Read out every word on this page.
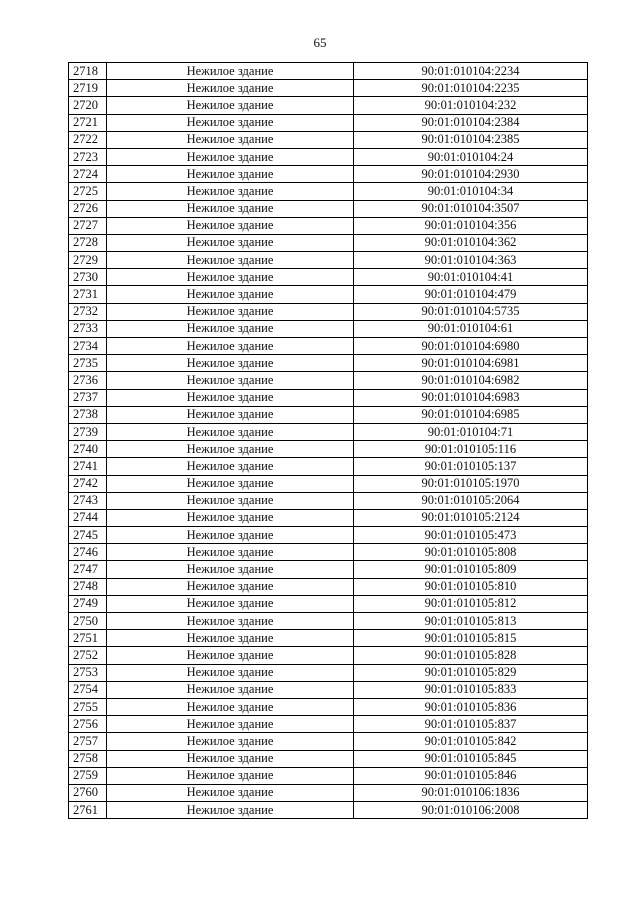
65
2718	Нежилое здание	90:01:010104:2234
2719	Нежилое здание	90:01:010104:2235
2720	Нежилое здание	90:01:010104:232
2721	Нежилое здание	90:01:010104:2384
2722	Нежилое здание	90:01:010104:2385
2723	Нежилое здание	90:01:010104:24
2724	Нежилое здание	90:01:010104:2930
2725	Нежилое здание	90:01:010104:34
2726	Нежилое здание	90:01:010104:3507
2727	Нежилое здание	90:01:010104:356
2728	Нежилое здание	90:01:010104:362
2729	Нежилое здание	90:01:010104:363
2730	Нежилое здание	90:01:010104:41
2731	Нежилое здание	90:01:010104:479
2732	Нежилое здание	90:01:010104:5735
2733	Нежилое здание	90:01:010104:61
2734	Нежилое здание	90:01:010104:6980
2735	Нежилое здание	90:01:010104:6981
2736	Нежилое здание	90:01:010104:6982
2737	Нежилое здание	90:01:010104:6983
2738	Нежилое здание	90:01:010104:6985
2739	Нежилое здание	90:01:010104:71
2740	Нежилое здание	90:01:010105:116
2741	Нежилое здание	90:01:010105:137
2742	Нежилое здание	90:01:010105:1970
2743	Нежилое здание	90:01:010105:2064
2744	Нежилое здание	90:01:010105:2124
2745	Нежилое здание	90:01:010105:473
2746	Нежилое здание	90:01:010105:808
2747	Нежилое здание	90:01:010105:809
2748	Нежилое здание	90:01:010105:810
2749	Нежилое здание	90:01:010105:812
2750	Нежилое здание	90:01:010105:813
2751	Нежилое здание	90:01:010105:815
2752	Нежилое здание	90:01:010105:828
2753	Нежилое здание	90:01:010105:829
2754	Нежилое здание	90:01:010105:833
2755	Нежилое здание	90:01:010105:836
2756	Нежилое здание	90:01:010105:837
2757	Нежилое здание	90:01:010105:842
2758	Нежилое здание	90:01:010105:845
2759	Нежилое здание	90:01:010105:846
2760	Нежилое здание	90:01:010106:1836
2761	Нежилое здание	90:01:010106:2008
